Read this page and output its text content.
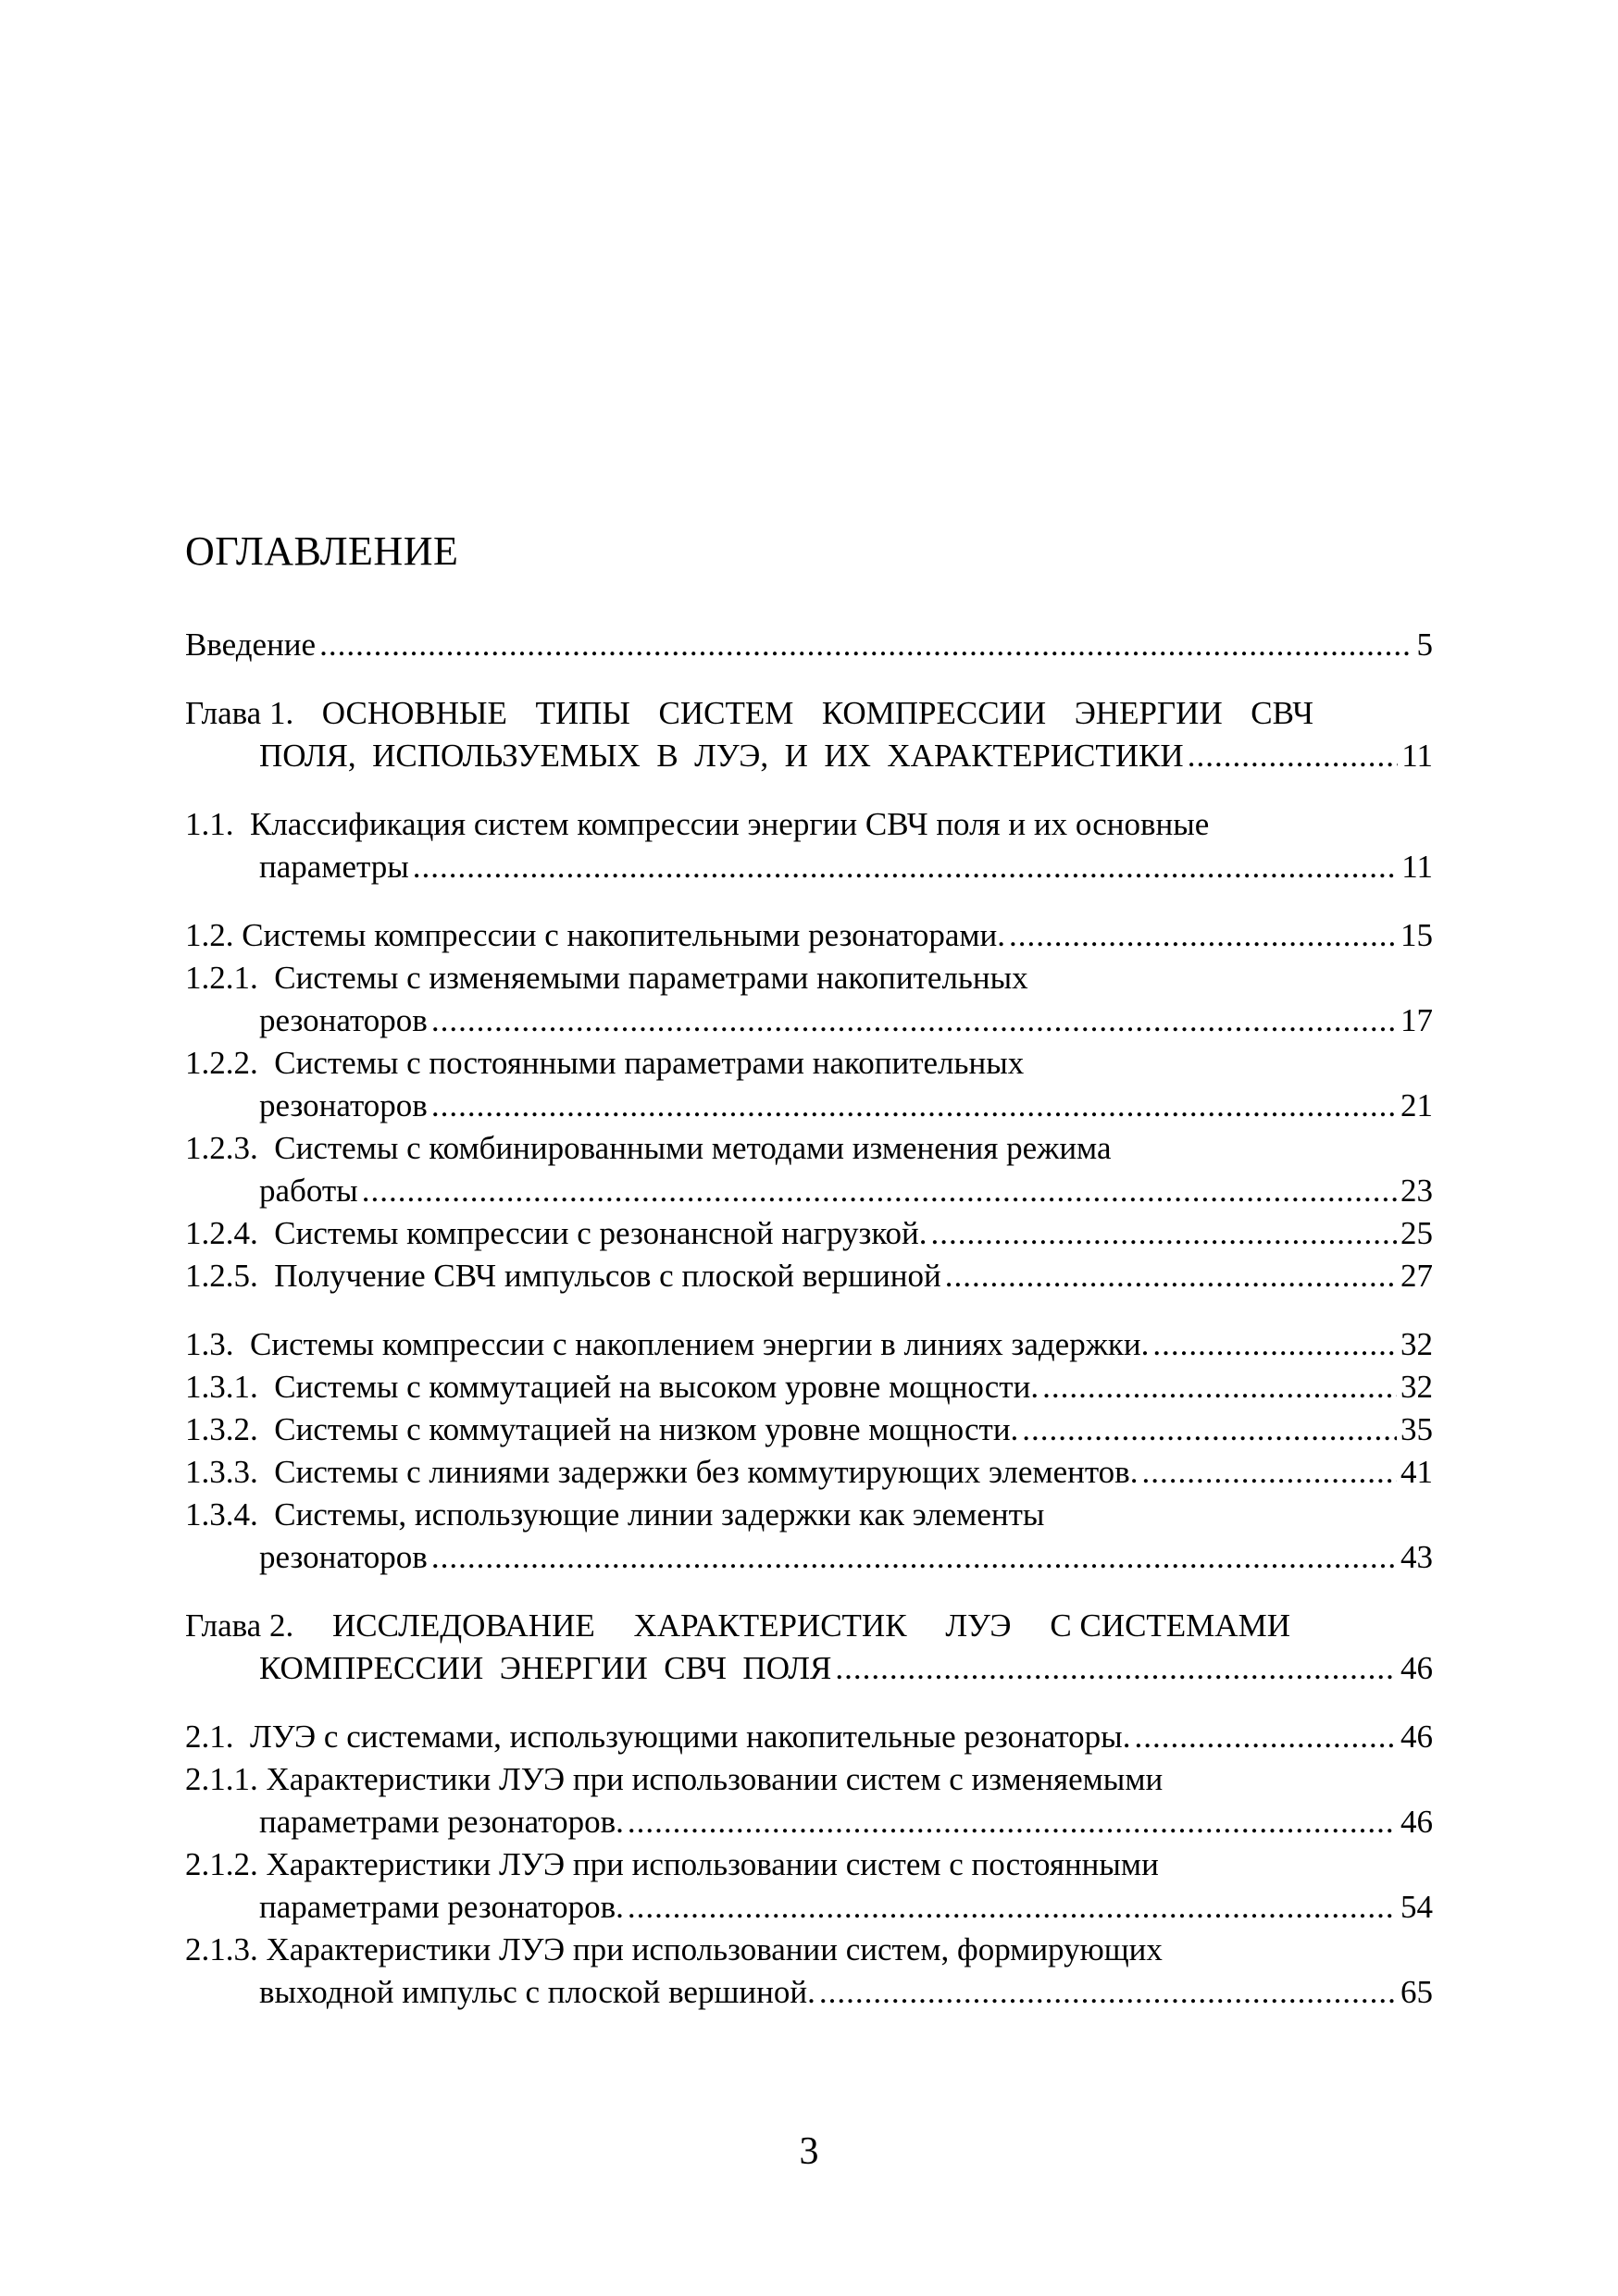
ОГЛАВЛЕНИЕ
Введение .....	5
Глава 1. ОСНОВНЫЕ ТИПЫ СИСТЕМ КОМПРЕССИИ ЭНЕРГИИ СВЧ
ПОЛЯ,  ИСПОЛЬЗУЕМЫХ  В  ЛУЭ,  И  ИХ  ХАРАКТЕРИСТИКИ .....	11
1.1.  Классификация систем компрессии энергии СВЧ поля и их основные
параметры .....	11
1.2. Системы компрессии с накопительными резонаторами. .....	15
1.2.1.  Системы с изменяемыми параметрами накопительных
резонаторов .....	17
1.2.2.  Системы с постоянными параметрами накопительных
резонаторов .....	21
1.2.3.  Системы с комбинированными методами изменения режима
работы .....	23
1.2.4.  Системы компрессии с резонансной нагрузкой. .....	25
1.2.5.  Получение СВЧ импульсов с плоской вершиной .....	27
1.3.  Системы компрессии с накоплением энергии в линиях задержки. .....	32
1.3.1.  Системы с коммутацией на высоком уровне мощности. .....	32
1.3.2.  Системы с коммутацией на низком уровне мощности. .....	35
1.3.3.  Системы с линиями задержки без коммутирующих элементов. .....	41
1.3.4.  Системы, использующие линии задержки как элементы
резонаторов .....	43
Глава 2. ИССЛЕДОВАНИЕ ХАРАКТЕРИСТИК ЛУЭ С СИСТЕМАМИ
КОМПРЕССИИ  ЭНЕРГИИ  СВЧ  ПОЛЯ .....	46
2.1.  ЛУЭ с системами, использующими накопительные резонаторы. .....	46
2.1.1. Характеристики ЛУЭ при использовании систем с изменяемыми
параметрами резонаторов. .....	46
2.1.2. Характеристики ЛУЭ при использовании систем с постоянными
параметрами резонаторов. .....	54
2.1.3. Характеристики ЛУЭ при использовании систем, формирующих
выходной импульс с плоской вершиной. .....	65
3
